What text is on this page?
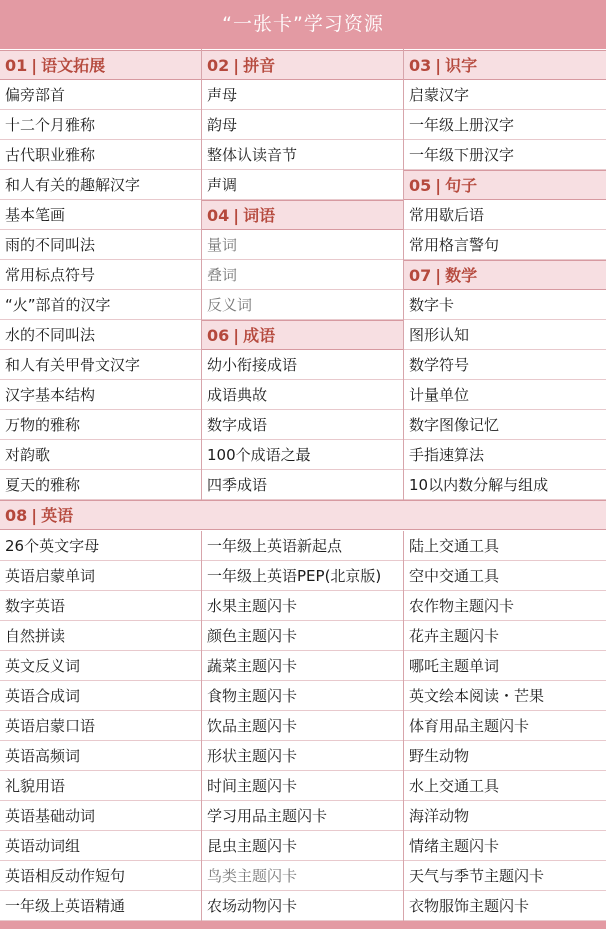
“一张卡”学习资源
01 | 语文拓展
偏旁部首
十二个月雅称
古代职业雅称
和人有关的趣解汉字
基本笔画
雨的不同叫法
常用标点符号
“火”部首的汉字
水的不同叫法
和人有关甲骨文汉字
汉字基本结构
万物的雅称
对韵歌
夏天的雅称
02 | 拼音
声母
韵母
整体认读音节
声调
04 | 词语
量词
叠词
反义词
06 | 成语
幼小衔接成语
成语典故
数字成语
100个成语之最
四季成语
03 | 识字
启蒙汉字
一年级上册汉字
一年级下册汉字
05 | 句子
常用歇后语
常用格言警句
07 | 数学
数字卡
图形认知
数学符号
计量单位
数字图像记忆
手指速算法
10以内数分解与组成
08 | 英语
26个英文字母
英语启蒙单词
数字英语
自然拼读
英文反义词
英语合成词
英语启蒙口语
英语高频词
礼貌用语
英语基础动词
英语动词组
英语相反动作短句
一年级上英语精通
一年级上英语新起点
一年级上英语PEP(北京版)
水果主题闪卡
颜色主题闪卡
蔬菜主题闪卡
食物主题闪卡
饮品主题闪卡
形状主题闪卡
时间主题闪卡
学习用品主题闪卡
昆虫主题闪卡
鸟类主题闪卡
农场动物闪卡
陆上交通工具
空中交通工具
农作物主题闪卡
花卉主题闪卡
哪吒主题单词
英文绘本阅读・芒果
体育用品主题闪卡
野生动物
水上交通工具
海洋动物
情绪主题闪卡
天气与季节主题闪卡
衣物服饰主题闪卡
